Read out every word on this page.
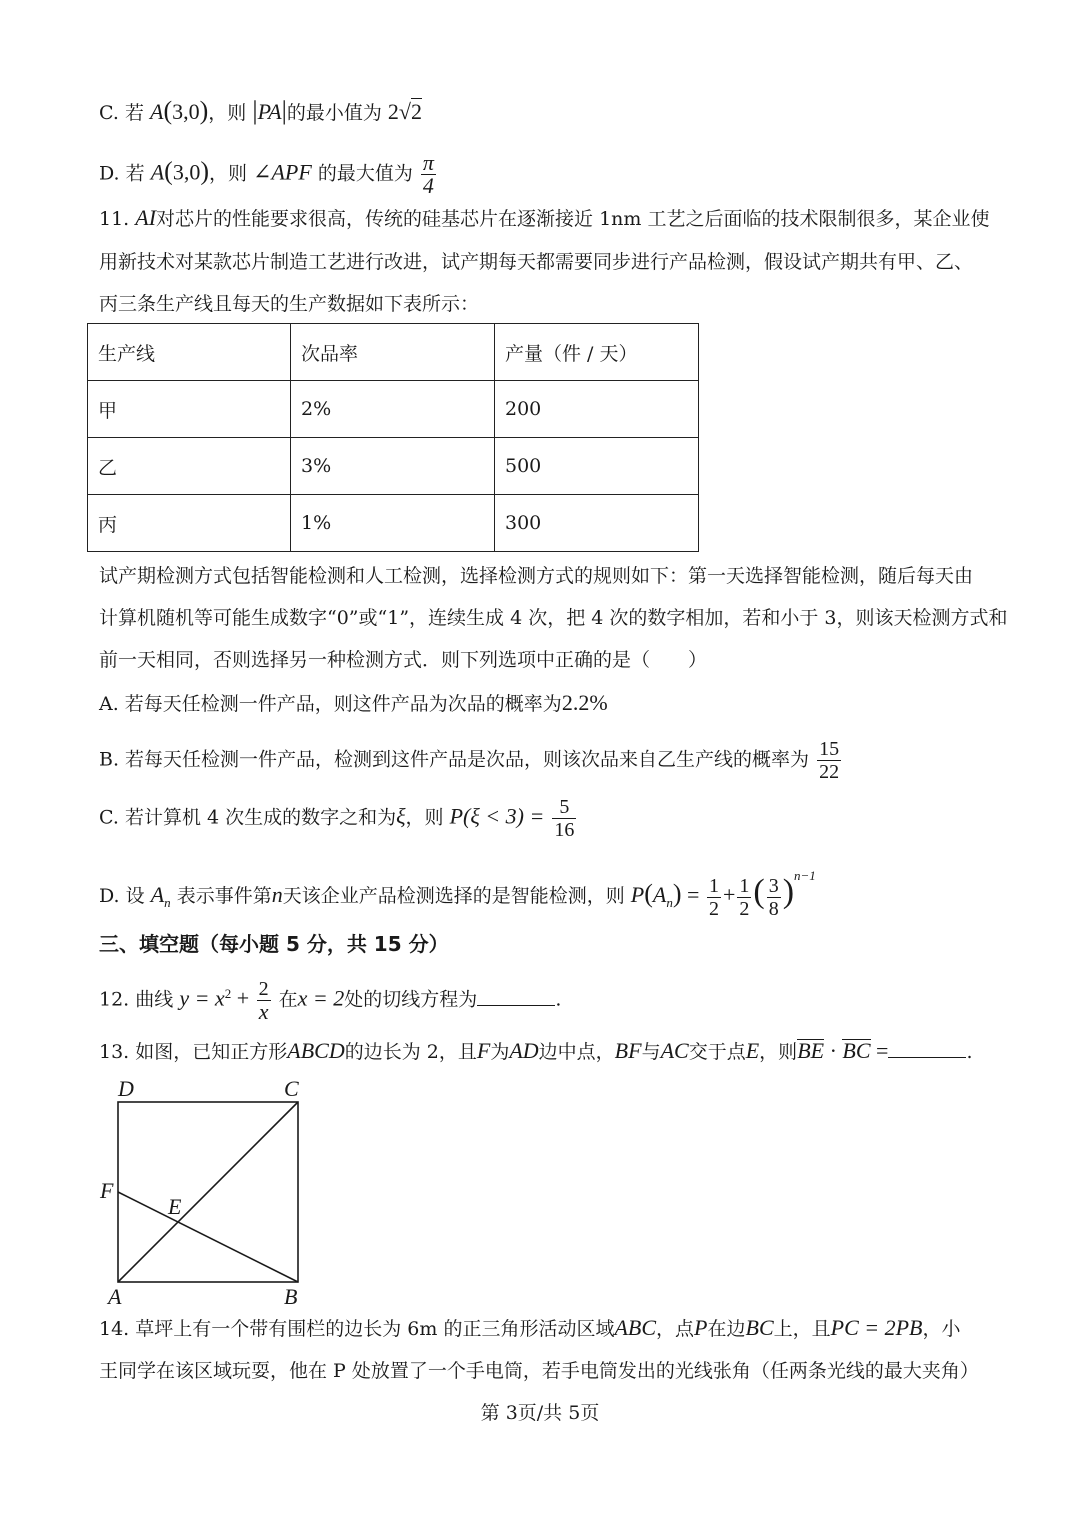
C. 若 A(3,0)，则 |PA|的最小值为 2√2
D. 若 A(3,0)，则 ∠APF 的最大值为 $\frac{\pi}{4}$
11. AI对芯片的性能要求很高，传统的硅基芯片在逐渐接近 1nm 工艺之后面临的技术限制很多，某企业使
用新技术对某款芯片制造工艺进行改进，试产期每天都需要同步进行产品检测，假设试产期共有甲、乙、
丙三条生产线且每天的生产数据如下表所示：
生产线	次品率	产量（件 / 天）
甲	2%	200
乙	3%	500
丙	1%	300
试产期检测方式包括智能检测和人工检测，选择检测方式的规则如下：第一天选择智能检测，随后每天由
计算机随机等可能生成数字“0”或“1”，连续生成 4 次，把 4 次的数字相加，若和小于 3，则该天检测方式和
前一天相同，否则选择另一种检测方式．则下列选项中正确的是（　　）
A. 若每天任检测一件产品，则这件产品为次品的概率为2.2%
B. 若每天任检测一件产品，检测到这件产品是次品，则该次品来自乙生产线的概率为 $\frac{15}{22}$
C. 若计算机 4 次生成的数字之和为ξ，则 $P(\xi < 3) = \frac{5}{16}$
D. 设 $A_n$ 表示事件第n天该企业产品检测选择的是智能检测，则 $P(A_n) = \frac{1}{2} + \frac{1}{2}$ ( $\frac{3}{8} )^{n-1}$
三、填空题（每小题 5 分，共 15 分）
12. 曲线 $y = x^2 + \frac{2}{x}$ 在x = 2处的切线方程为	.
13. 如图，已知正方形ABCD的边长为 2，且F为AD边中点，BF与AC交于点E，则BE · BC =	.
D	C
F
E
A	B
14. 草坪上有一个带有围栏的边长为 6m 的正三角形活动区域ABC，点P在边BC上，且PC = 2PB，小
王同学在该区域玩耍，他在 P 处放置了一个手电筒，若手电筒发出的光线张角（任两条光线的最大夹角）
第 3页/共 5页
